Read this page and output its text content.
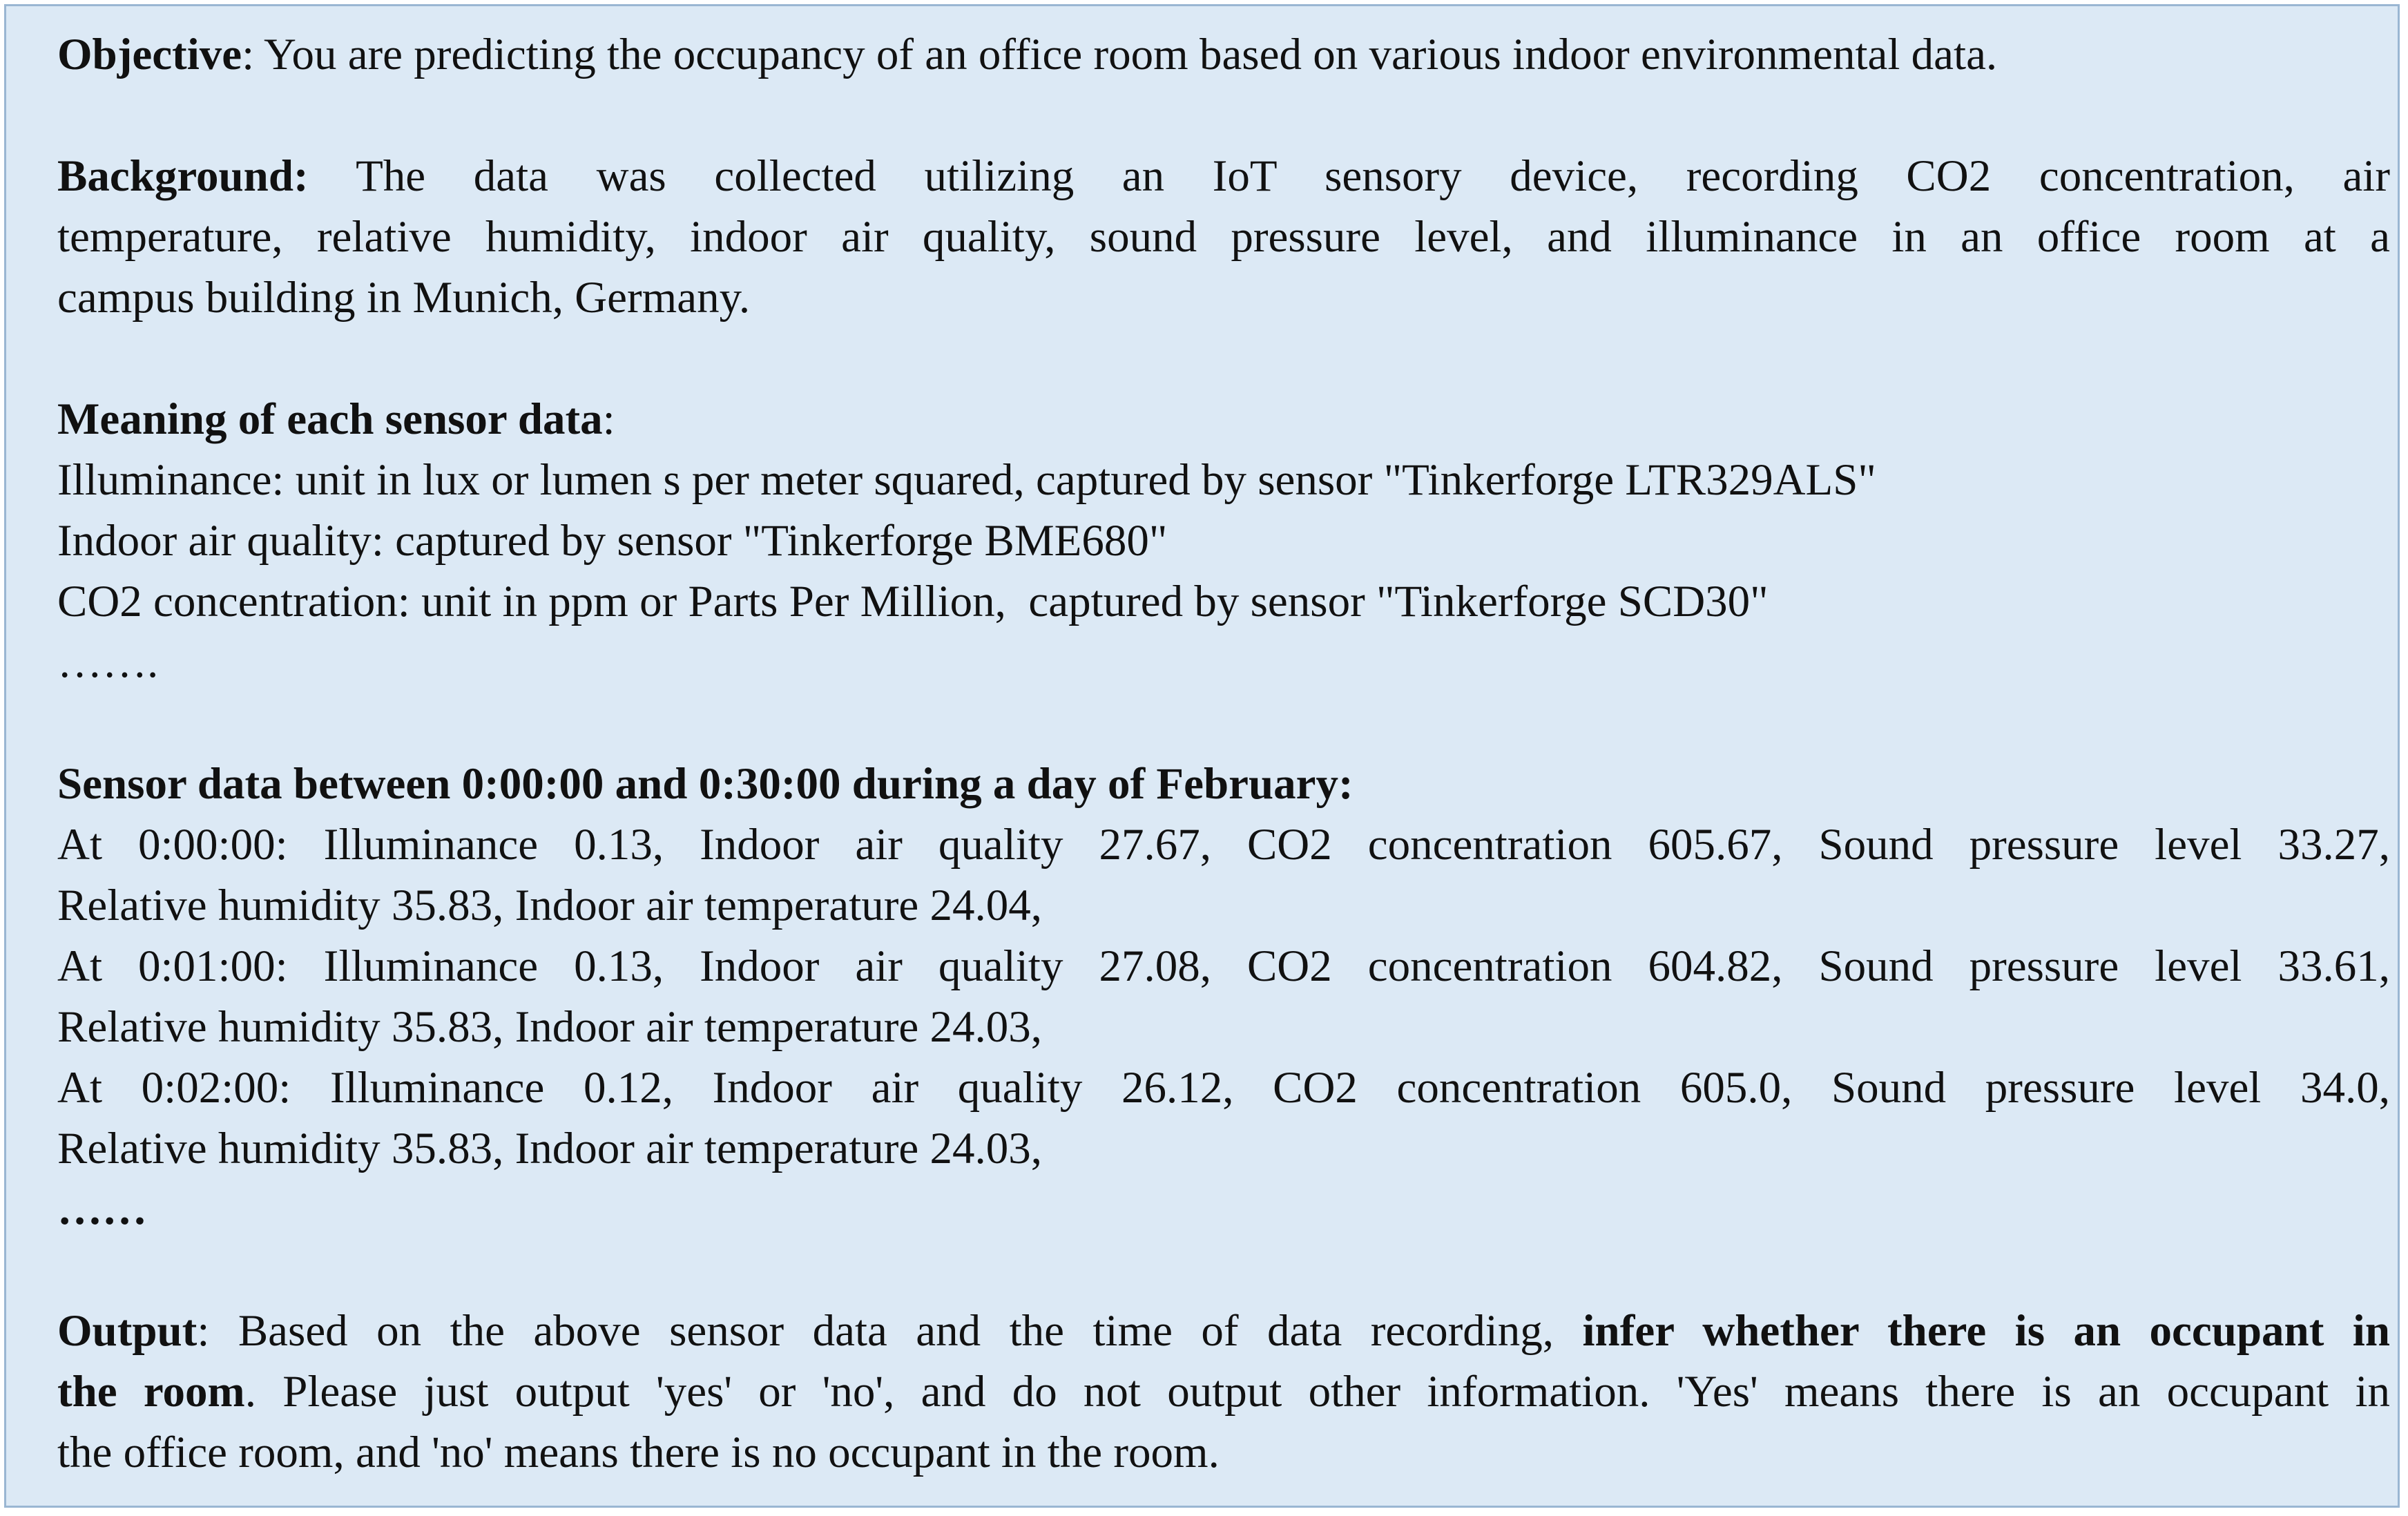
Objective: You are predicting the occupancy of an office room based on various indoor environmental data.
Background: The data was collected utilizing an IoT sensory device, recording CO2 concentration, air
temperature, relative humidity, indoor air quality, sound pressure level, and illuminance in an office room at a
campus building in Munich, Germany.
Meaning of each sensor data:
Illuminance: unit in lux or lumen s per meter squared, captured by sensor "Tinkerforge LTR329ALS"
Indoor air quality: captured by sensor "Tinkerforge BME680"
CO2 concentration: unit in ppm or Parts Per Million,  captured by sensor "Tinkerforge SCD30"
…….
Sensor data between 0:00:00 and 0:30:00 during a day of February:
At 0:00:00: Illuminance 0.13, Indoor air quality 27.67, CO2 concentration 605.67, Sound pressure level 33.27,
Relative humidity 35.83, Indoor air temperature 24.04,
At 0:01:00: Illuminance 0.13, Indoor air quality 27.08, CO2 concentration 604.82, Sound pressure level 33.61,
Relative humidity 35.83, Indoor air temperature 24.03,
At 0:02:00: Illuminance 0.12, Indoor air quality 26.12, CO2 concentration 605.0, Sound pressure level 34.0,
Relative humidity 35.83, Indoor air temperature 24.03,
……
Output: Based on the above sensor data and the time of data recording, infer whether there is an occupant in
the room. Please just output 'yes' or 'no', and do not output other information. 'Yes' means there is an occupant in
the office room, and 'no' means there is no occupant in the room.
